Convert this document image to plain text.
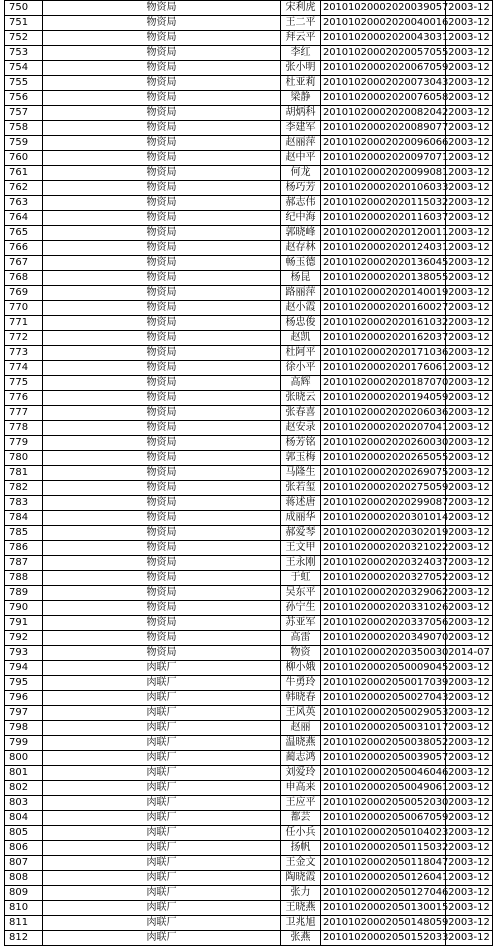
750	物资局	宋利虎	20101020002020039057	2003-12
751	物资局	王二平	20101020002020040016	2003-12
752	物资局	拜云平	20101020002020043031	2003-12
753	物资局	李红	20101020002020057055	2003-12
754	物资局	张小明	20101020002020067059	2003-12
755	物资局	杜亚莉	20101020002020073043	2003-12
756	物资局	梁静	20101020002020076058	2003-12
757	物资局	胡炳科	20101020002020082042	2003-12
758	物资局	李建军	20101020002020089077	2003-12
759	物资局	赵丽萍	20101020002020096066	2003-12
760	物资局	赵中平	20101020002020097071	2003-12
761	物资局	何龙	20101020002020099081	2003-12
762	物资局	杨巧芳	20101020002020106033	2003-12
763	物资局	郝志伟	20101020002020115032	2003-12
764	物资局	纪中海	20101020002020116037	2003-12
765	物资局	郭晓峰	20101020002020120011	2003-12
766	物资局	赵存林	20101020002020124031	2003-12
767	物资局	畅玉德	20101020002020136045	2003-12
768	物资局	杨昆	20101020002020138055	2003-12
769	物资局	路丽萍	20101020002020140019	2003-12
770	物资局	赵小霞	20101020002020160027	2003-12
771	物资局	杨忠俊	20101020002020161032	2003-12
772	物资局	赵凯	20101020002020162037	2003-12
773	物资局	杜阿平	20101020002020171036	2003-12
774	物资局	徐小平	20101020002020176061	2003-12
775	物资局	高辉	20101020002020187070	2003-12
776	物资局	张晓云	20101020002020194059	2003-12
777	物资局	张春喜	20101020002020206036	2003-12
778	物资局	赵安录	20101020002020207041	2003-12
779	物资局	杨芳铭	20101020002020260030	2003-12
780	物资局	郭玉梅	20101020002020265055	2003-12
781	物资局	马隆生	20101020002020269075	2003-12
782	物资局	张若玺	20101020002020275059	2003-12
783	物资局	蒋述唐	20101020002020299087	2003-12
784	物资局	成丽华	20101020002020301014	2003-12
785	物资局	郝爱琴	20101020002020302019	2003-12
786	物资局	王文甲	20101020002020321022	2003-12
787	物资局	王永刚	20101020002020324037	2003-12
788	物资局	于虹	20101020002020327052	2003-12
789	物资局	吴东平	20101020002020329062	2003-12
790	物资局	孙宁生	20101020002020331026	2003-12
791	物资局	苏亚军	20101020002020337056	2003-12
792	物资局	高雷	20101020002020349070	2003-12
793	物资局	物资	20101020002020350030	2014-07
794	肉联厂	柳小娥	20101020002050009045	2003-12
795	肉联厂	牛勇玲	20101020002050017039	2003-12
796	肉联厂	韩晓春	20101020002050027043	2003-12
797	肉联厂	王风英	20101020002050029053	2003-12
798	肉联厂	赵丽	20101020002050031017	2003-12
799	肉联厂	温晓燕	20101020002050038052	2003-12
800	肉联厂	蔺志鸿	20101020002050039057	2003-12
801	肉联厂	刘爱玲	20101020002050046046	2003-12
802	肉联厂	申高来	20101020002050049061	2003-12
803	肉联厂	王应平	20101020002050052030	2003-12
804	肉联厂	都芸	20101020002050067059	2003-12
805	肉联厂	任小兵	20101020002050104023	2003-12
806	肉联厂	扬帆	20101020002050115032	2003-12
807	肉联厂	王金文	20101020002050118047	2003-12
808	肉联厂	陶晓霞	20101020002050126041	2003-12
809	肉联厂	张力	20101020002050127046	2003-12
810	肉联厂	王晓燕	20101020002050130015	2003-12
811	肉联厂	卫兆旭	20101020002050148059	2003-12
812	肉联厂	张燕	20101020002050152033	2003-12
